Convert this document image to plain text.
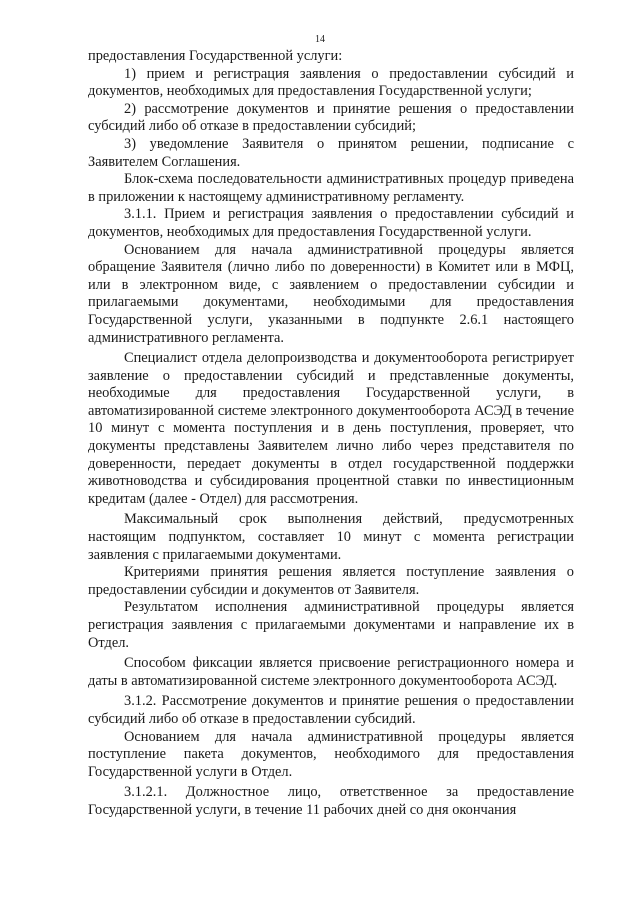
14

предоставления Государственной услуги:

1) прием и регистрация заявления о предоставлении субсидий и документов, необходимых для предоставления Государственной услуги;

2) рассмотрение документов и принятие решения о предоставлении субсидий либо об отказе в предоставлении субсидий;

3) уведомление Заявителя о принятом решении, подписание с Заявителем Соглашения.

Блок-схема последовательности административных процедур приведена в приложении к настоящему административному регламенту.

3.1.1. Прием и регистрация заявления о предоставлении субсидий и документов, необходимых для предоставления Государственной услуги.

Основанием для начала административной процедуры является обращение Заявителя (лично либо по доверенности) в Комитет или в МФЦ, или в электронном виде, с заявлением о предоставлении субсидии и прилагаемыми документами, необходимыми для предоставления Государственной услуги, указанными в подпункте 2.6.1 настоящего административного регламента.

Специалист отдела делопроизводства и документооборота регистрирует заявление о предоставлении субсидий и представленные документы, необходимые для предоставления Государственной услуги, в автоматизированной системе электронного документооборота АСЭД в течение 10 минут с момента поступления и в день поступления, проверяет, что документы представлены Заявителем лично либо через представителя по доверенности, передает документы в отдел государственной поддержки животноводства и субсидирования процентной ставки по инвестиционным кредитам (далее - Отдел) для рассмотрения.

Максимальный срок выполнения действий, предусмотренных настоящим подпунктом, составляет 10 минут с момента регистрации заявления с прилагаемыми документами.

Критериями принятия решения является поступление заявления о предоставлении субсидии и документов от Заявителя.

Результатом исполнения административной процедуры является регистрация заявления с прилагаемыми документами и направление их в Отдел.

Способом фиксации является присвоение регистрационного номера и даты в автоматизированной системе электронного документооборота АСЭД.

3.1.2. Рассмотрение документов и принятие решения о предоставлении субсидий либо об отказе в предоставлении субсидий.

Основанием для начала административной процедуры является поступление пакета документов, необходимого для предоставления Государственной услуги в Отдел.

3.1.2.1. Должностное лицо, ответственное за предоставление Государственной услуги, в течение 11 рабочих дней со дня окончания
